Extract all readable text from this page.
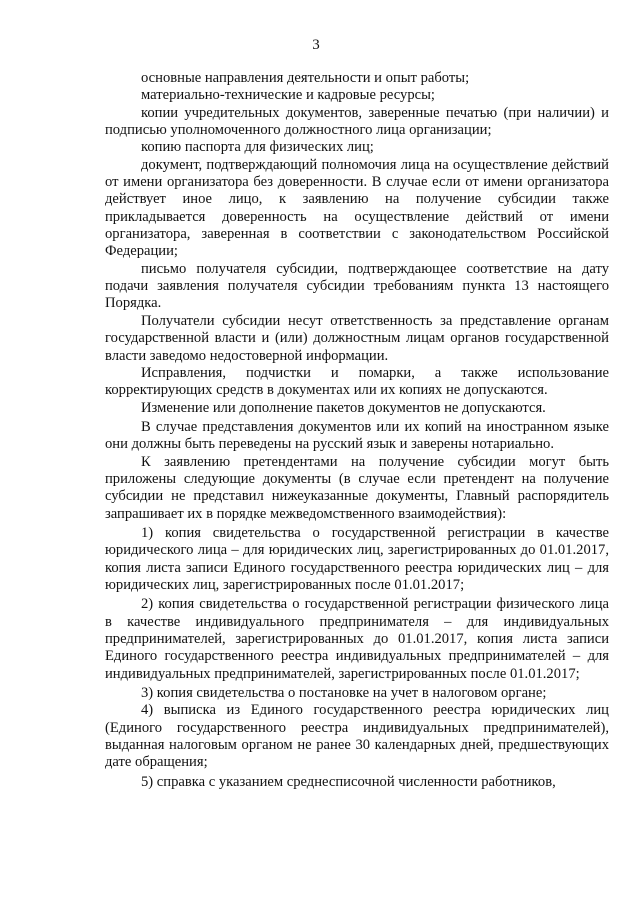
3

основные направления деятельности и опыт работы;

материально-технические и кадровые ресурсы;

копии учредительных документов, заверенные печатью (при наличии) и подписью уполномоченного должностного лица организации;

копию паспорта для физических лиц;

документ, подтверждающий полномочия лица на осуществление действий от имени организатора без доверенности. В случае если от имени организатора действует иное лицо, к заявлению на получение субсидии также прикладывается доверенность на осуществление действий от имени организатора, заверенная в соответствии с законодательством Российской Федерации;

письмо получателя субсидии, подтверждающее соответствие на дату подачи заявления получателя субсидии требованиям пункта 13 настоящего Порядка.

Получатели субсидии несут ответственность за представление органам государственной власти и (или) должностным лицам органов государственной власти заведомо недостоверной информации.

Исправления, подчистки и помарки, а также использование корректирующих средств в документах или их копиях не допускаются.

Изменение или дополнение пакетов документов не допускаются.

В случае представления документов или их копий на иностранном языке они должны быть переведены на русский язык и заверены нотариально.

К заявлению претендентами на получение субсидии могут быть приложены следующие документы (в случае если претендент на получение субсидии не представил нижеуказанные документы, Главный распорядитель запрашивает их в порядке межведомственного взаимодействия):

1) копия свидетельства о государственной регистрации в качестве юридического лица – для юридических лиц, зарегистрированных до 01.01.2017, копия листа записи Единого государственного реестра юридических лиц – для юридических лиц, зарегистрированных после 01.01.2017;

2) копия свидетельства о государственной регистрации физического лица в качестве индивидуального предпринимателя – для индивидуальных предпринимателей, зарегистрированных до 01.01.2017, копия листа записи Единого государственного реестра индивидуальных предпринимателей – для индивидуальных предпринимателей, зарегистрированных после 01.01.2017;

3) копия свидетельства о постановке на учет в налоговом органе;

4) выписка из Единого государственного реестра юридических лиц (Единого государственного реестра индивидуальных предпринимателей), выданная налоговым органом не ранее 30 календарных дней, предшествующих дате обращения;

5) справка с указанием среднесписочной численности работников,
